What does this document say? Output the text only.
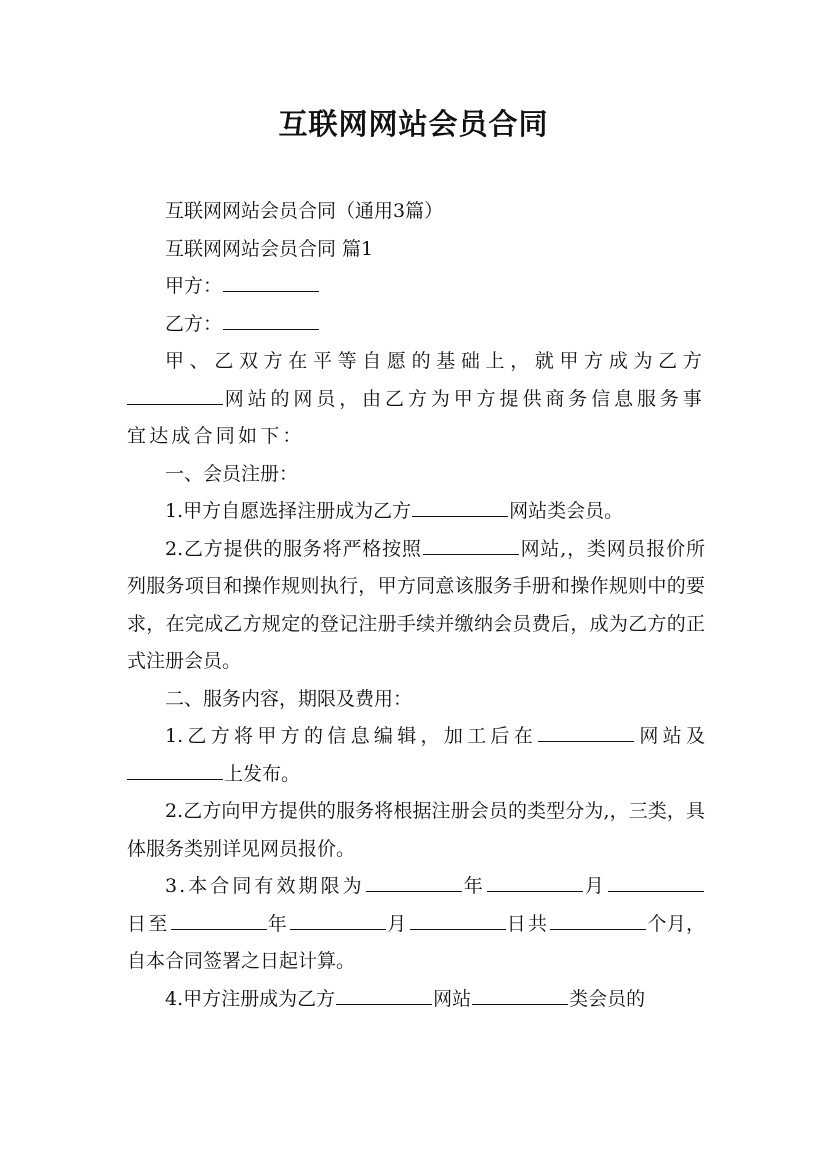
互联网网站会员合同

互联网网站会员合同（通用3篇）

互联网网站会员合同 篇1

甲方：

乙方：

甲、乙双方在平等自愿的基础上，就甲方成为乙方网站的网员，由乙方为甲方提供商务信息服务事宜达成合同如下：

一、会员注册：

1.甲方自愿选择注册成为乙方	网站类会员。

2.乙方提供的服务将严格按照	网站,，类网员报价所列服务项目和操作规则执行，甲方同意该服务手册和操作规则中的要求，在完成乙方规定的登记注册手续并缴纳会员费后，成为乙方的正式注册会员。

二、服务内容，期限及费用：

1.乙方将甲方的信息编辑，加工后在	网站及上发布。

2.乙方向甲方提供的服务将根据注册会员的类型分为,，三类，具体服务类别详见网员报价。

3.本合同有效期限为	年	月日至	年	月	日共	个月，自本合同签署之日起计算。

4.甲方注册成为乙方	网站	类会员的
